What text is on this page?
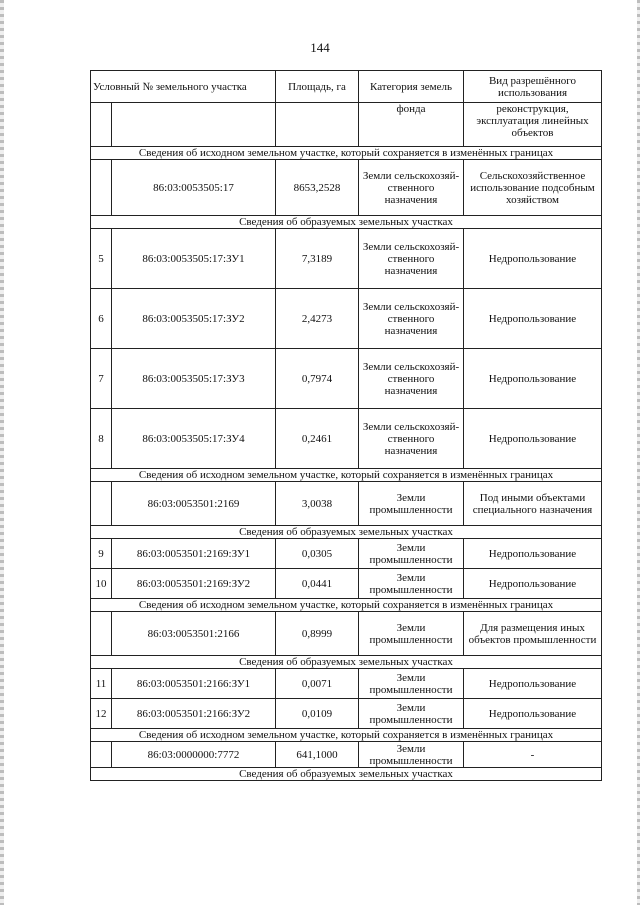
144
Условный № земельного участка		Площадь, га	Категория земель	Вид разрешённого использования
			фонда	реконструкция, эксплуатация линейных объектов
Сведения об исходном земельном участке, который сохраняется в изменённых границах				
	86:03:0053505:17	8653,2528	Земли сельскохозяй-ственного назначения	Сельскохозяйственное использование подсобным хозяйством
Сведения об образуемых земельных участках				
5	86:03:0053505:17:ЗУ1	7,3189	Земли сельскохозяй-ственного назначения	Недропользование
6	86:03:0053505:17:ЗУ2	2,4273	Земли сельскохозяй-ственного назначения	Недропользование
7	86:03:0053505:17:ЗУ3	0,7974	Земли сельскохозяй-ственного назначения	Недропользование
8	86:03:0053505:17:ЗУ4	0,2461	Земли сельскохозяй-ственного назначения	Недропользование
Сведения об исходном земельном участке, который сохраняется в изменённых границах				
	86:03:0053501:2169	3,0038	Земли промышленности	Под иными объектами специального назначения
Сведения об образуемых земельных участках				
9	86:03:0053501:2169:ЗУ1	0,0305	Земли промышленности	Недропользование
10	86:03:0053501:2169:ЗУ2	0,0441	Земли промышленности	Недропользование
Сведения об исходном земельном участке, который сохраняется в изменённых границах				
	86:03:0053501:2166	0,8999	Земли промышленности	Для размещения иных объектов промышленности
Сведения об образуемых земельных участках				
11	86:03:0053501:2166:ЗУ1	0,0071	Земли промышленности	Недропользование
12	86:03:0053501:2166:ЗУ2	0,0109	Земли промышленности	Недропользование
Сведения об исходном земельном участке, который сохраняется в изменённых границах				
	86:03:0000000:7772	641,1000	Земли промышленности	-
Сведения об образуемых земельных участках				
